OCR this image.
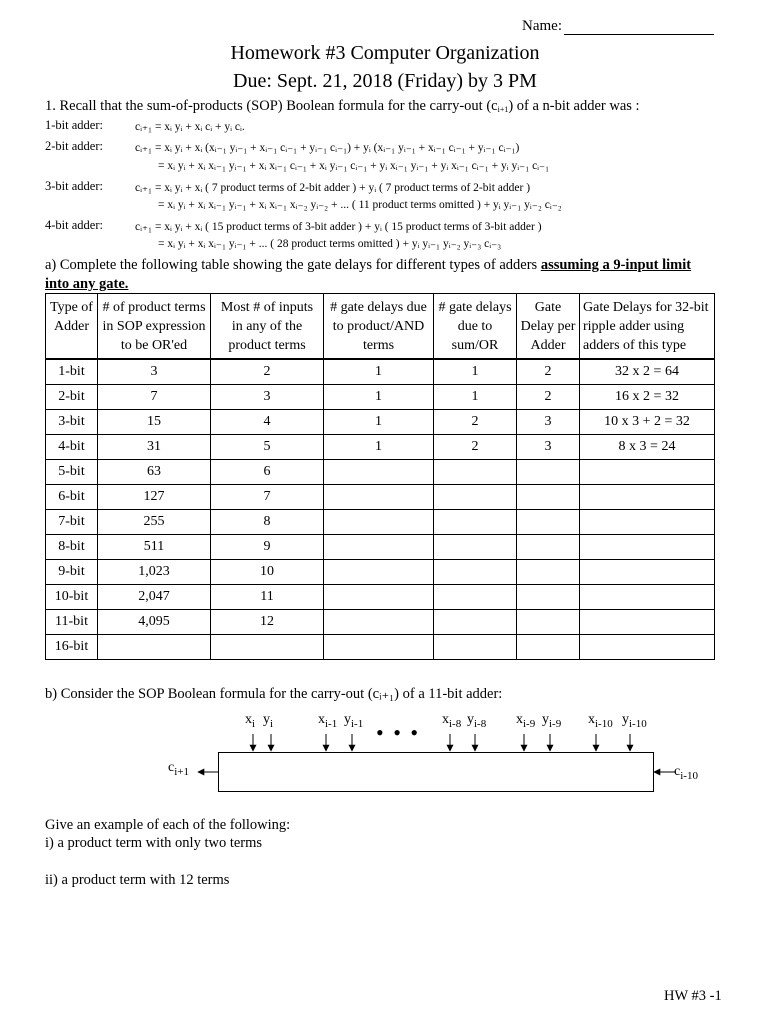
Name:
Homework #3 Computer Organization
Due: Sept. 21, 2018 (Friday) by 3 PM
1. Recall that the sum-of-products (SOP) Boolean formula for the carry-out $(c_{i+1})$ of a n-bit adder was :
1-bit adder:	cᵢ₊₁ = xᵢ yᵢ + xᵢ cᵢ + yᵢ cᵢ.
2-bit adder:	cᵢ₊₁ = xᵢ yᵢ + xᵢ (xᵢ₋₁ yᵢ₋₁ + xᵢ₋₁ cᵢ₋₁ + yᵢ₋₁ cᵢ₋₁) + yᵢ (xᵢ₋₁ yᵢ₋₁ + xᵢ₋₁ cᵢ₋₁ + yᵢ₋₁ cᵢ₋₁)
= xᵢ yᵢ + xᵢ xᵢ₋₁ yᵢ₋₁ + xᵢ xᵢ₋₁ cᵢ₋₁ + xᵢ yᵢ₋₁ cᵢ₋₁ + yᵢ xᵢ₋₁ yᵢ₋₁ + yᵢ xᵢ₋₁ cᵢ₋₁ + yᵢ yᵢ₋₁ cᵢ₋₁
3-bit adder:	cᵢ₊₁ = xᵢ yᵢ + xᵢ ( 7 product terms of 2-bit adder ) + yᵢ ( 7 product terms of 2-bit adder )
= xᵢ yᵢ + xᵢ xᵢ₋₁ yᵢ₋₁ + xᵢ xᵢ₋₁ xᵢ₋₂ yᵢ₋₂ + ... ( 11 product terms omitted ) + yᵢ yᵢ₋₁ yᵢ₋₂ cᵢ₋₂
4-bit adder:	cᵢ₊₁ = xᵢ yᵢ + xᵢ ( 15 product terms of 3-bit adder ) + yᵢ ( 15 product terms of 3-bit adder )
= xᵢ yᵢ + xᵢ xᵢ₋₁ yᵢ₋₁ + ... ( 28 product terms omitted ) + yᵢ yᵢ₋₁ yᵢ₋₂ yᵢ₋₃ cᵢ₋₃
a) Complete the following table showing the gate delays for different types of adders assuming a 9-input limit
into any gate.
Type of Adder	# of product terms in SOP expression to be OR'ed	Most # of inputs in any of the product terms	# gate delays due to product/AND terms	# gate delays due to sum/OR	Gate Delay per Adder	Gate Delays for 32-bit ripple adder using adders of this type
1-bit	3	2	1	1	2	32 x 2 = 64
2-bit	7	3	1	1	2	16 x 2 = 32
3-bit	15	4	1	2	3	10 x 3 + 2 = 32
4-bit	31	5	1	2	3	8 x 3 = 24
5-bit	63	6				
6-bit	127	7				
7-bit	255	8				
8-bit	511	9				
9-bit	1,023	10				
10-bit	2,047	11				
11-bit	4,095	12				
16-bit						
b) Consider the SOP Boolean formula for the carry-out (cᵢ₊₁) of a 11-bit adder:
$x_i$ $y_i$	$x_{i-1}$ $y_{i-1}$	$x_{i-8}$ $y_{i-8}$ $x_{i-9}$ $y_{i-9}$ $x_{i-10}$ $y_{i-10}$
• • •
$c_{i+1}$	$c_{i-10}$
Give an example of each of the following:
i) a product term with only two terms
ii) a product term with 12 terms
HW #3 -1
